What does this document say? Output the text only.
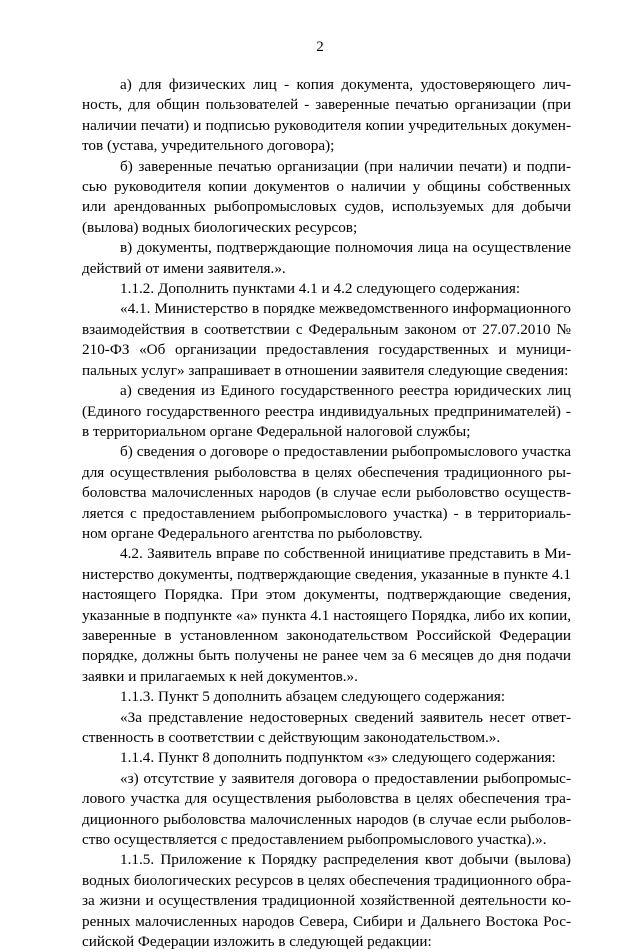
2

а) для физических лиц - копия документа, удостоверяющего личность, для общин пользователей - заверенные печатью организации (при наличии печати) и подписью руководителя копии учредительных документов (устава, учредительного договора);

б) заверенные печатью организации (при наличии печати) и подписью руководителя копии документов о наличии у общины собственных или арендованных рыбопромысловых судов, используемых для добычи (вылова) водных биологических ресурсов;

в) документы, подтверждающие полномочия лица на осуществление действий от имени заявителя.».

1.1.2. Дополнить пунктами 4.1 и 4.2 следующего содержания:

«4.1. Министерство в порядке межведомственного информационного взаимодействия в соответствии с Федеральным законом от 27.07.2010 № 210-ФЗ «Об организации предоставления государственных и муниципальных услуг» запрашивает в отношении заявителя следующие сведения:

а) сведения из Единого государственного реестра юридических лиц (Единого государственного реестра индивидуальных предпринимателей) - в территориальном органе Федеральной налоговой службы;

б) сведения о договоре о предоставлении рыбопромыслового участка для осуществления рыболовства в целях обеспечения традиционного рыболовства малочисленных народов (в случае если рыболовство осуществляется с предоставлением рыбопромыслового участка) - в территориальном органе Федерального агентства по рыболовству.

4.2. Заявитель вправе по собственной инициативе представить в Министерство документы, подтверждающие сведения, указанные в пункте 4.1 настоящего Порядка. При этом документы, подтверждающие сведения, указанные в подпункте «а» пункта 4.1 настоящего Порядка, либо их копии, заверенные в установленном законодательством Российской Федерации порядке, должны быть получены не ранее чем за 6 месяцев до дня подачи заявки и прилагаемых к ней документов.».

1.1.3. Пункт 5 дополнить абзацем следующего содержания:

«За представление недостоверных сведений заявитель несет ответственность в соответствии с действующим законодательством.».

1.1.4. Пункт 8 дополнить подпунктом «з» следующего содержания:

«з) отсутствие у заявителя договора о предоставлении рыбопромыслового участка для осуществления рыболовства в целях обеспечения традиционного рыболовства малочисленных народов (в случае если рыболовство осуществляется с предоставлением рыбопромыслового участка).».

1.1.5. Приложение к Порядку распределения квот добычи (вылова) водных биологических ресурсов в целях обеспечения традиционного образа жизни и осуществления традиционной хозяйственной деятельности коренных малочисленных народов Севера, Сибири и Дальнего Востока Российской Федерации изложить в следующей редакции:
